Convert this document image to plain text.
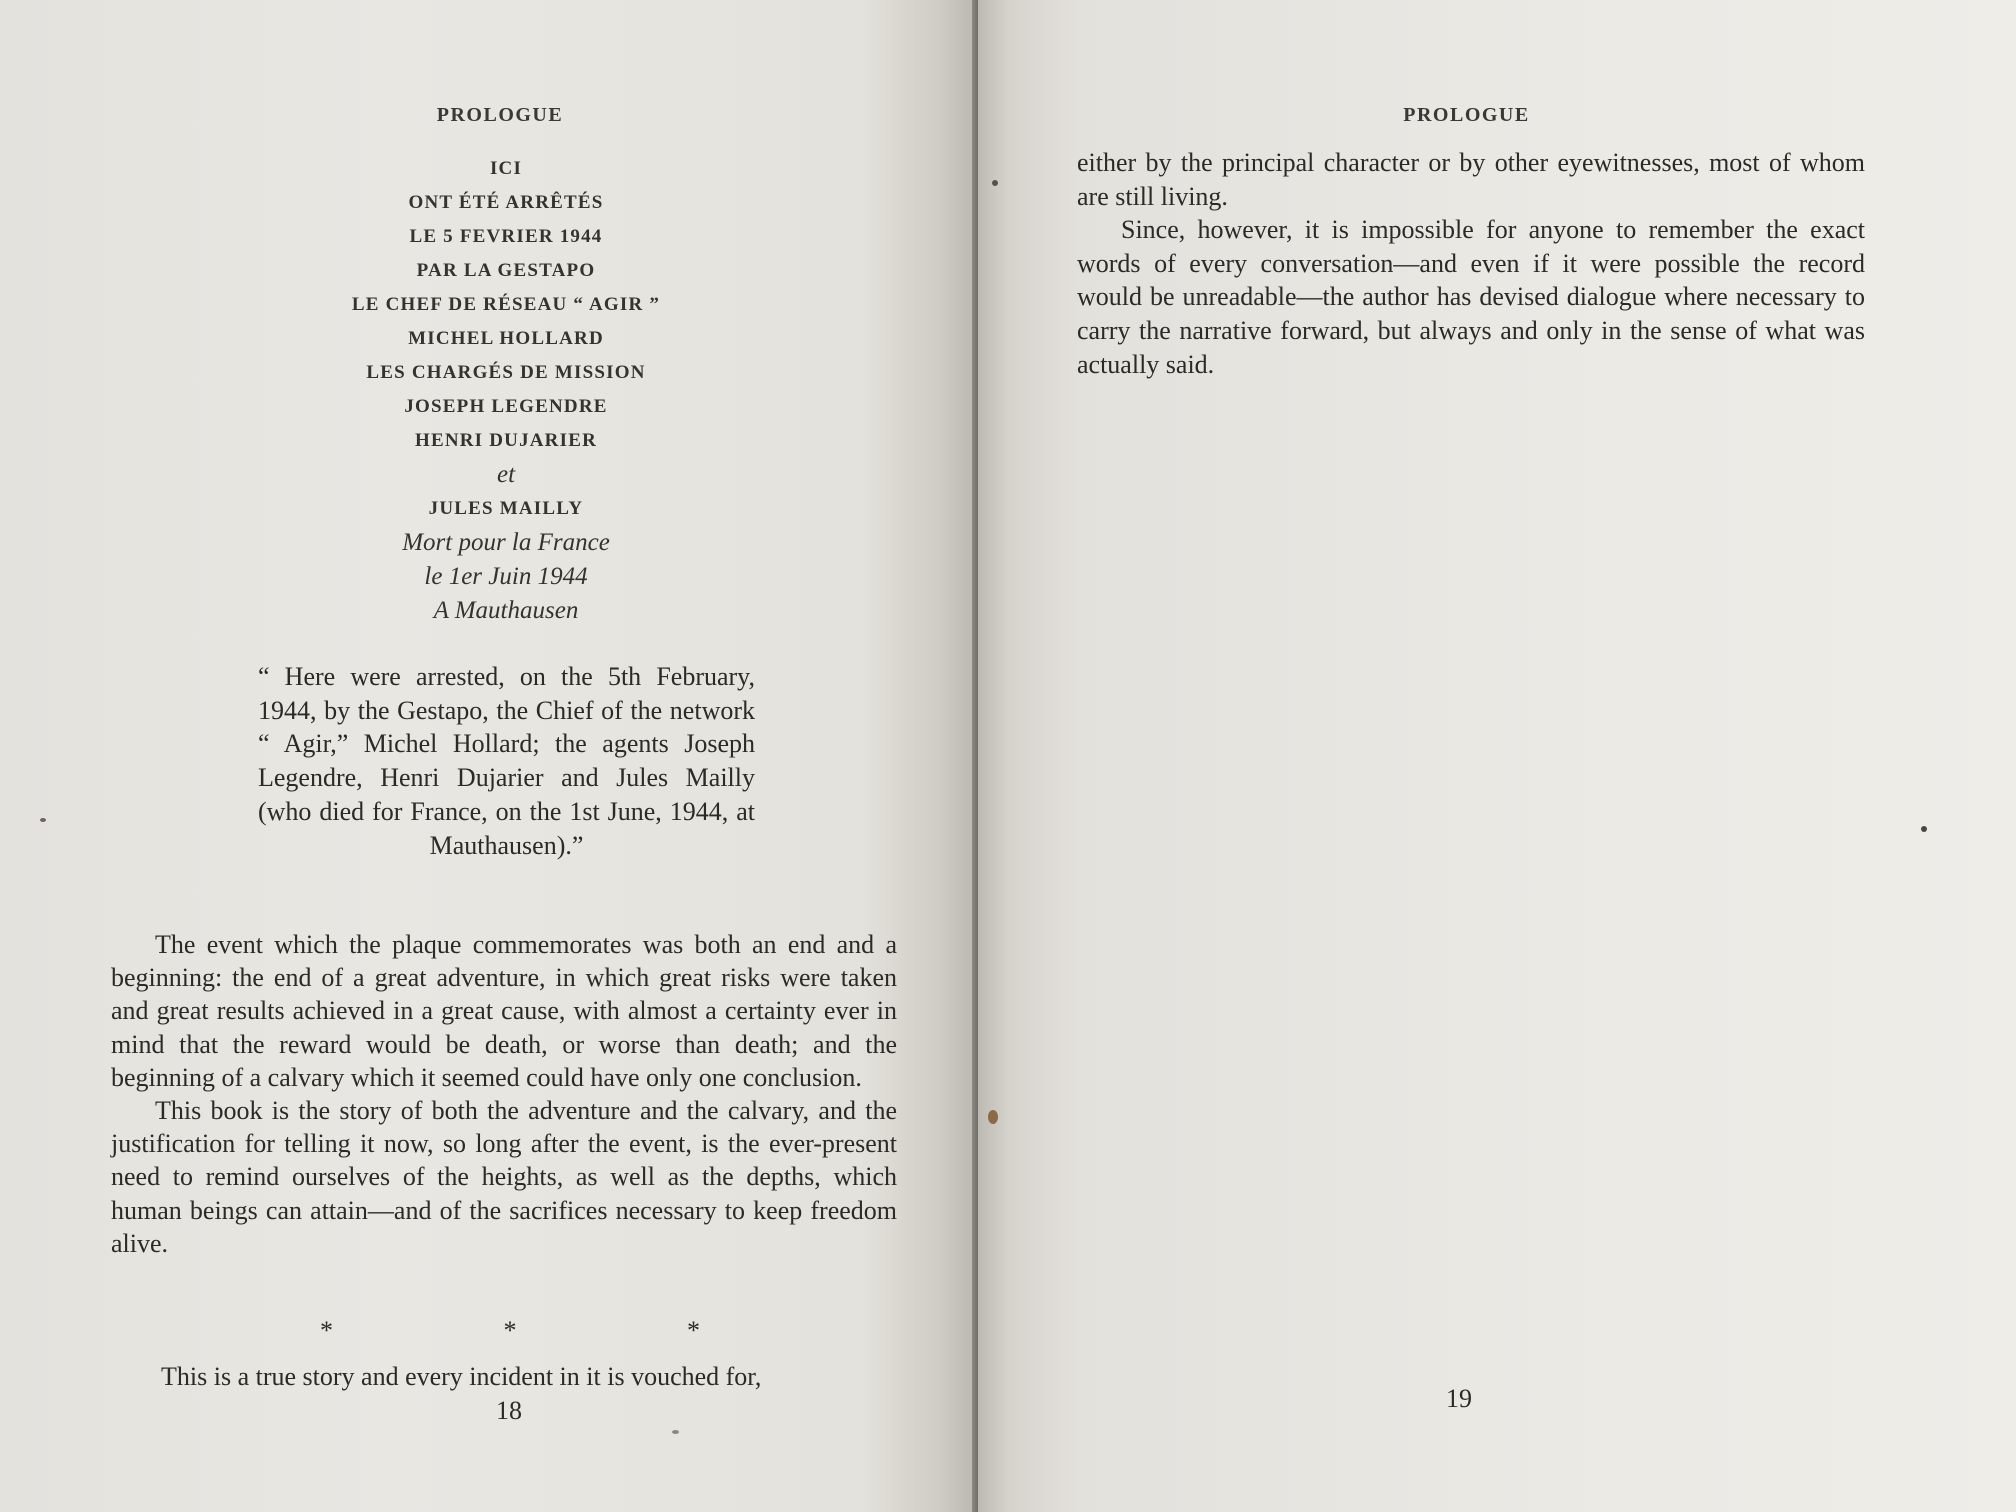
PROLOGUE
ICI
ONT ÉTÉ ARRÊTÉS
LE 5 FEVRIER 1944
PAR LA GESTAPO
LE CHEF DE RÉSEAU “ AGIR ”
MICHEL HOLLARD
LES CHARGÉS DE MISSION
JOSEPH LEGENDRE
HENRI DUJARIER
et
JULES MAILLY
Mort pour la France
le 1er Juin 1944
A Mauthausen
“ Here were arrested, on the 5th February, 1944, by the Gestapo, the Chief of the network “ Agir,” Michel Hollard; the agents Joseph Legendre, Henri Dujarier and Jules Mailly (who died for France, on the 1st June, 1944, at Mauthausen).”

The event which the plaque commemorates was both an end and a beginning: the end of a great adventure, in which great risks were taken and great results achieved in a great cause, with almost a certainty ever in mind that the reward would be death, or worse than death; and the beginning of a calvary which it seemed could have only one conclusion.

This book is the story of both the adventure and the calvary, and the justification for telling it now, so long after the event, is the ever-present need to remind ourselves of the heights, as well as the depths, which human beings can attain—and of the sacrifices necessary to keep freedom alive.

*	*	*
This is a true story and every incident in it is vouched for,
18
PROLOGUE

either by the principal character or by other eyewitnesses, most of whom are still living.

Since, however, it is impossible for anyone to remember the exact words of every conversation—and even if it were possible the record would be unreadable—the author has devised dialogue where necessary to carry the narrative forward, but always and only in the sense of what was actually said.

19
